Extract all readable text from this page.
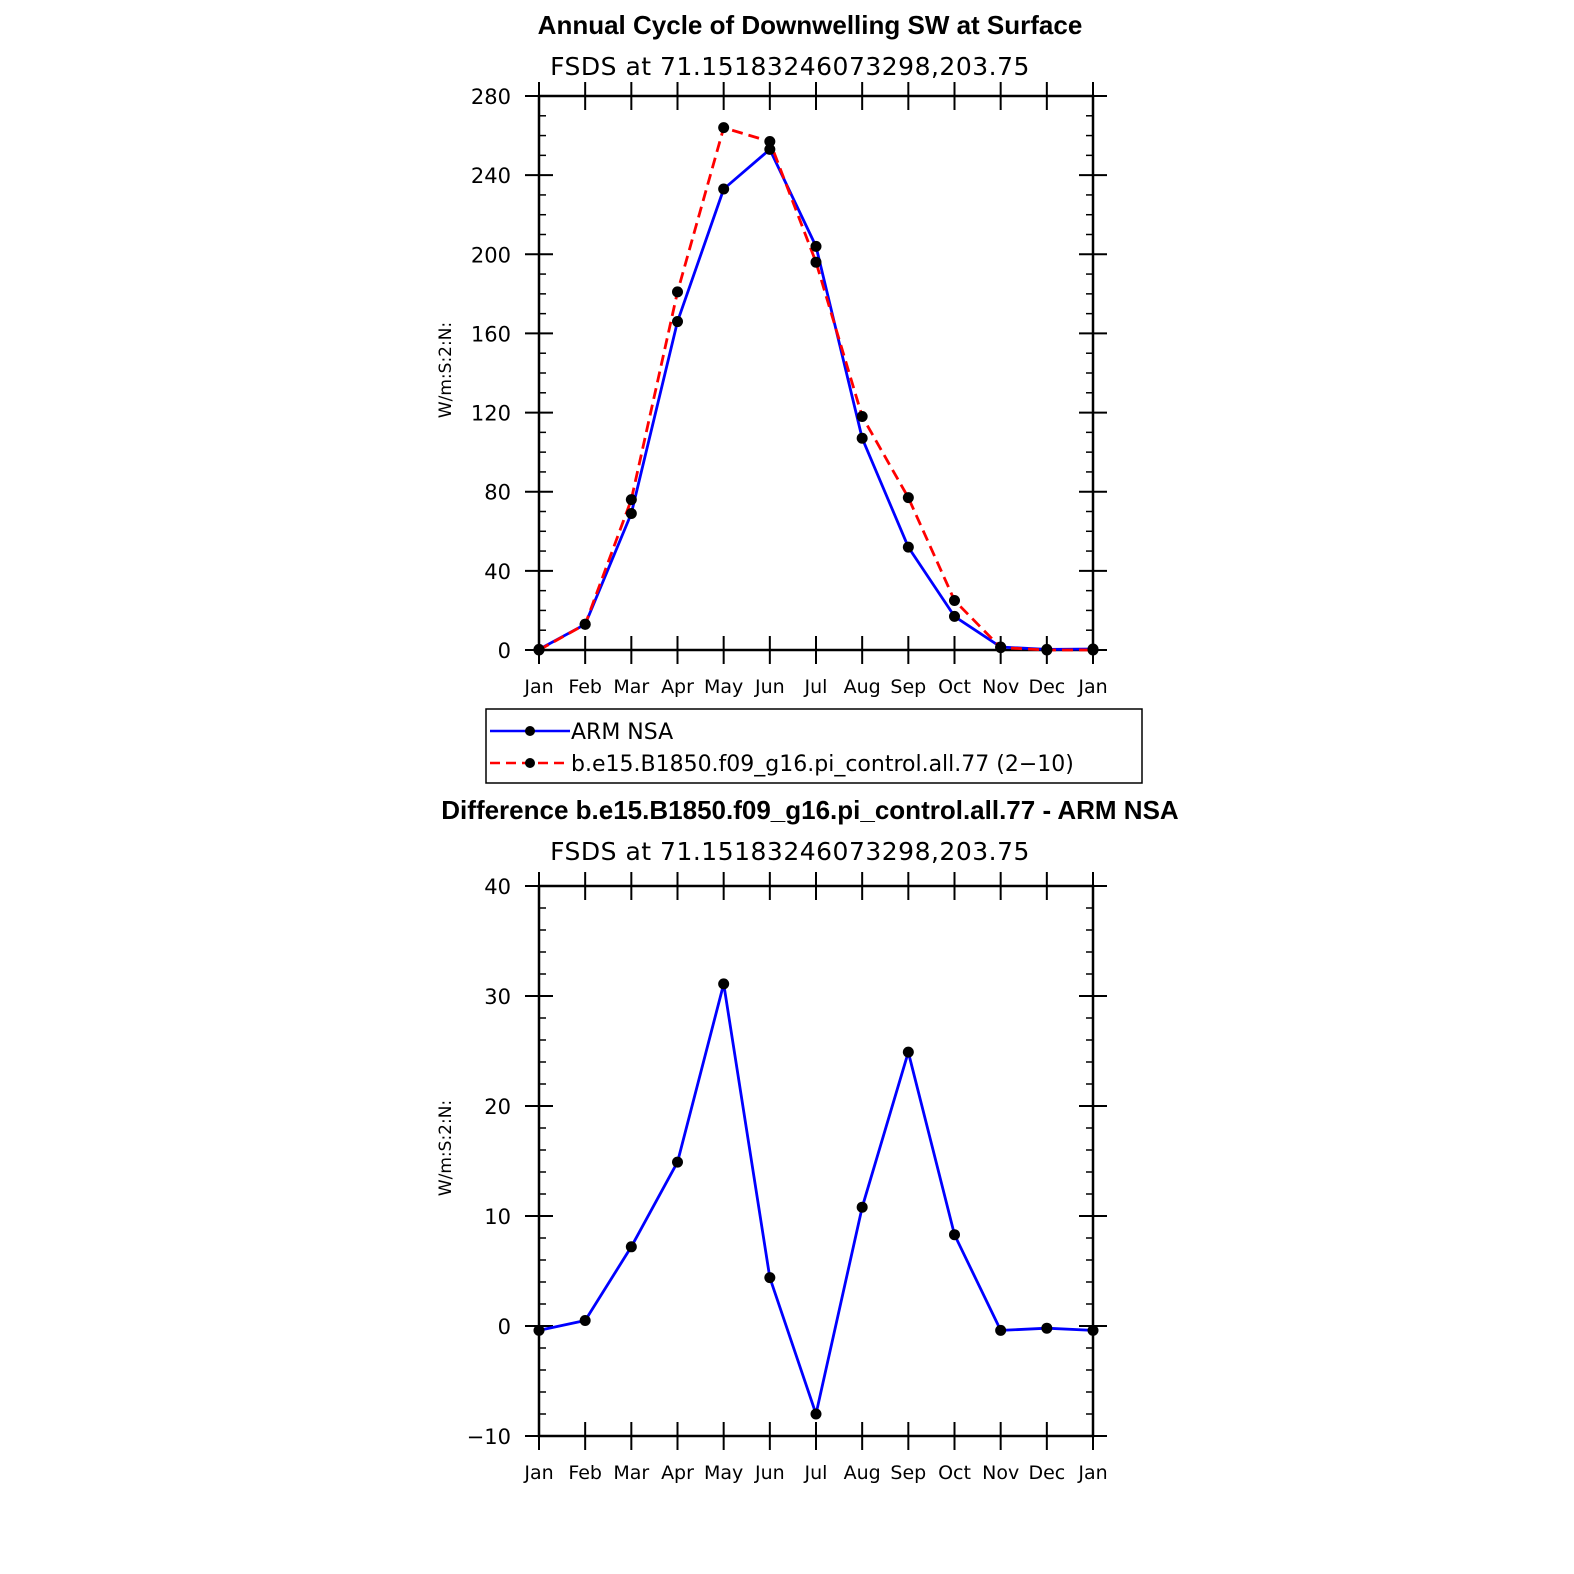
Annual Cycle of Downwelling SW at Surface
FSDS at 71.15183246073298,203.75
W/m:S:2:N:
0
40
80
120
160
200
240
280
Jan Feb Mar Apr May Jun Jul Aug Sep Oct Nov Dec Jan
ARM NSA
b.e15.B1850.f09_g16.pi_control.all.77 (2−10)
Difference b.e15.B1850.f09_g16.pi_control.all.77 - ARM NSA
FSDS at 71.15183246073298,203.75
W/m:S:2:N:
−10
0
10
20
30
40
Jan Feb Mar Apr May Jun Jul Aug Sep Oct Nov Dec Jan
